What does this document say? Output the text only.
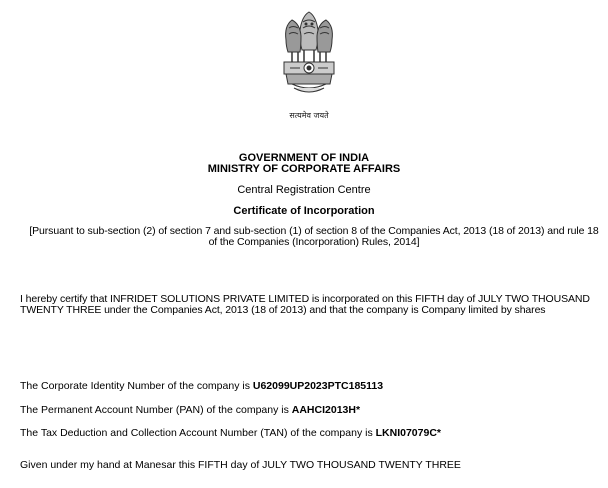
सत्यमेव जयते
GOVERNMENT OF INDIA
MINISTRY OF CORPORATE AFFAIRS
Central Registration Centre
Certificate of Incorporation
[Pursuant to sub-section (2) of section 7 and sub-section (1) of section 8 of the Companies Act, 2013 (18 of 2013) and rule 18 of the Companies (Incorporation) Rules, 2014]
I hereby certify that INFRIDET SOLUTIONS PRIVATE LIMITED is incorporated on this FIFTH day of JULY TWO THOUSAND TWENTY THREE under the Companies Act, 2013 (18 of 2013) and that the company is Company limited by shares
The Corporate Identity Number of the company is U62099UP2023PTC185113
The Permanent Account Number (PAN) of the company is AAHCI2013H*
The Tax Deduction and Collection Account Number (TAN) of the company is LKNI07079C*
Given under my hand at Manesar this FIFTH day of JULY TWO THOUSAND TWENTY THREE
